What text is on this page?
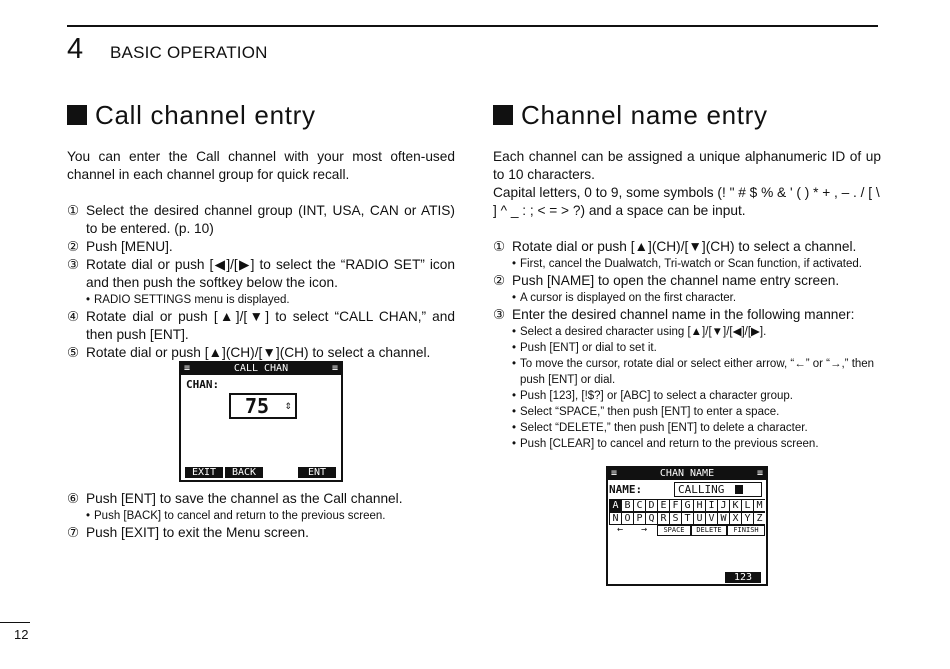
4 BASIC OPERATION
Call channel entry

You can enter the Call channel with your most often-used channel in each channel group for quick recall.

① Select the desired channel group (INT, USA, CAN or ATIS) to be entered. (p. 10)
② Push [MENU].
③ Rotate dial or push [◀]/[▶] to select the “RADIO SET” icon and then push the softkey below the icon.
• RADIO SETTINGS menu is displayed.
④ Rotate dial or push [▲]/[▼] to select “CALL CHAN,” and then push [ENT].
⑤ Rotate dial or push [▲](CH)/[▼](CH) to select a channel.
≡	CALL CHAN	≡
CHAN:
75 ⇕
EXIT	BACK	ENT
⑥ Push [ENT] to save the channel as the Call channel.
• Push [BACK] to cancel and return to the previous screen.
⑦ Push [EXIT] to exit the Menu screen.
Channel name entry

Each channel can be assigned a unique alphanumeric ID of up to 10 characters.

Capital letters, 0 to 9, some symbols (! " # $ % & ' ( ) * + , – . / [ \ ] ^ _ : ; < = > ?) and a space can be input.

① Rotate dial or push [▲](CH)/[▼](CH) to select a channel.
• First, cancel the Dualwatch, Tri-watch or Scan function, if activated.
② Push [NAME] to open the channel name entry screen.
• A cursor is displayed on the first character.
③ Enter the desired channel name in the following manner:
• Select a desired character using [▲]/[▼]/[◀]/[▶].
• Push [ENT] or dial to set it.
• To move the cursor, rotate dial or select either arrow, “←” or “→,” then push [ENT] or dial.
• Push [123], [!$?] or [ABC] to select a character group.
• Select “SPACE,” then push [ENT] to enter a space.
• Select “DELETE,” then push [ENT] to delete a character.
• Push [CLEAR] to cancel and return to the previous screen.
≡	CHAN NAME	≡
NAME:	CALLING
A B C D E F G H I J K L M
N O P Q R S T U V W X Y Z
←	→	SPACE	DELETE	FINISH
123
12
